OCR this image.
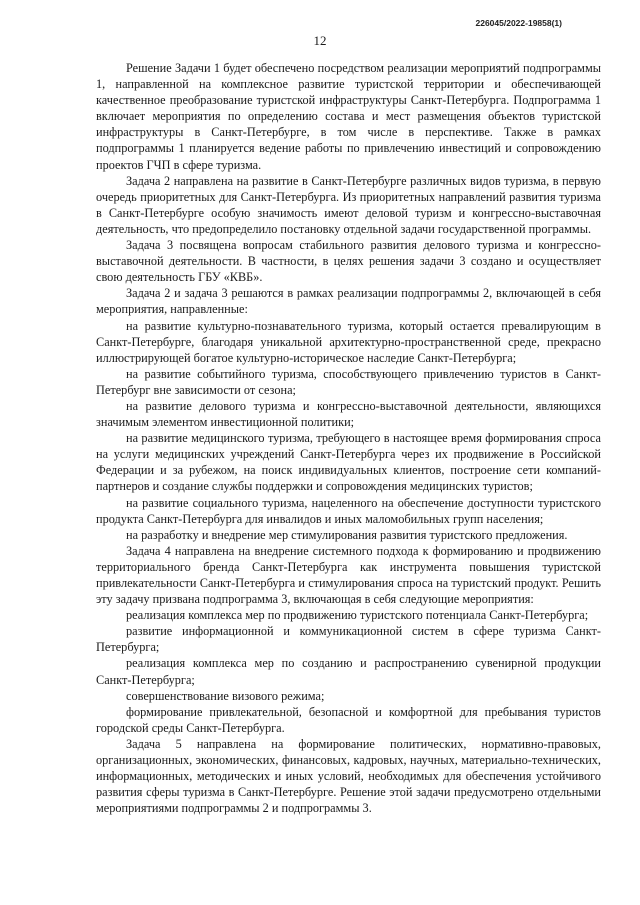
226045/2022-19858(1)
12

Решение Задачи 1 будет обеспечено посредством реализации мероприятий подпрограммы 1, направленной на комплексное развитие туристской территории и обеспечивающей качественное преобразование туристской инфраструктуры Санкт-Петербурга. Подпрограмма 1 включает мероприятия по определению состава и мест размещения объектов туристской инфраструктуры в Санкт-Петербурге, в том числе в перспективе. Также в рамках подпрограммы 1 планируется ведение работы по привлечению инвестиций и сопровождению проектов ГЧП в сфере туризма.

Задача 2 направлена на развитие в Санкт-Петербурге различных видов туризма, в первую очередь приоритетных для Санкт-Петербурга. Из приоритетных направлений развития туризма в Санкт-Петербурге особую значимость имеют деловой туризм и конгрессно-выставочная деятельность, что предопределило постановку отдельной задачи государственной программы.

Задача 3 посвящена вопросам стабильного развития делового туризма и конгрессно-выставочной деятельности. В частности, в целях решения задачи 3 создано и осуществляет свою деятельность ГБУ «КВБ».

Задача 2 и задача 3 решаются в рамках реализации подпрограммы 2, включающей в себя мероприятия, направленные:

на развитие культурно-познавательного туризма, который остается превалирующим в Санкт-Петербурге, благодаря уникальной архитектурно-пространственной среде, прекрасно иллюстрирующей богатое культурно-историческое наследие Санкт-Петербурга;

на развитие событийного туризма, способствующего привлечению туристов в Санкт-Петербург вне зависимости от сезона;

на развитие делового туризма и конгрессно-выставочной деятельности, являющихся значимым элементом инвестиционной политики;

на развитие медицинского туризма, требующего в настоящее время формирования спроса на услуги медицинских учреждений Санкт-Петербурга через их продвижение в Российской Федерации и за рубежом, на поиск индивидуальных клиентов, построение сети компаний-партнеров и создание службы поддержки и сопровождения медицинских туристов;

на развитие социального туризма, нацеленного на обеспечение доступности туристского продукта Санкт-Петербурга для инвалидов и иных маломобильных групп населения;

на разработку и внедрение мер стимулирования развития туристского предложения.

Задача 4 направлена на внедрение системного подхода к формированию и продвижению территориального бренда Санкт-Петербурга как инструмента повышения туристской привлекательности Санкт-Петербурга и стимулирования спроса на туристский продукт. Решить эту задачу призвана подпрограмма 3, включающая в себя следующие мероприятия:

реализация комплекса мер по продвижению туристского потенциала Санкт-Петербурга;

развитие информационной и коммуникационной систем в сфере туризма Санкт-Петербурга;

реализация комплекса мер по созданию и распространению сувенирной продукции Санкт-Петербурга;

совершенствование визового режима;

формирование привлекательной, безопасной и комфортной для пребывания туристов городской среды Санкт-Петербурга.

Задача 5 направлена на формирование политических, нормативно-правовых, организационных, экономических, финансовых, кадровых, научных, материально-технических, информационных, методических и иных условий, необходимых для обеспечения устойчивого развития сферы туризма в Санкт-Петербурге. Решение этой задачи предусмотрено отдельными мероприятиями подпрограммы 2 и подпрограммы 3.
